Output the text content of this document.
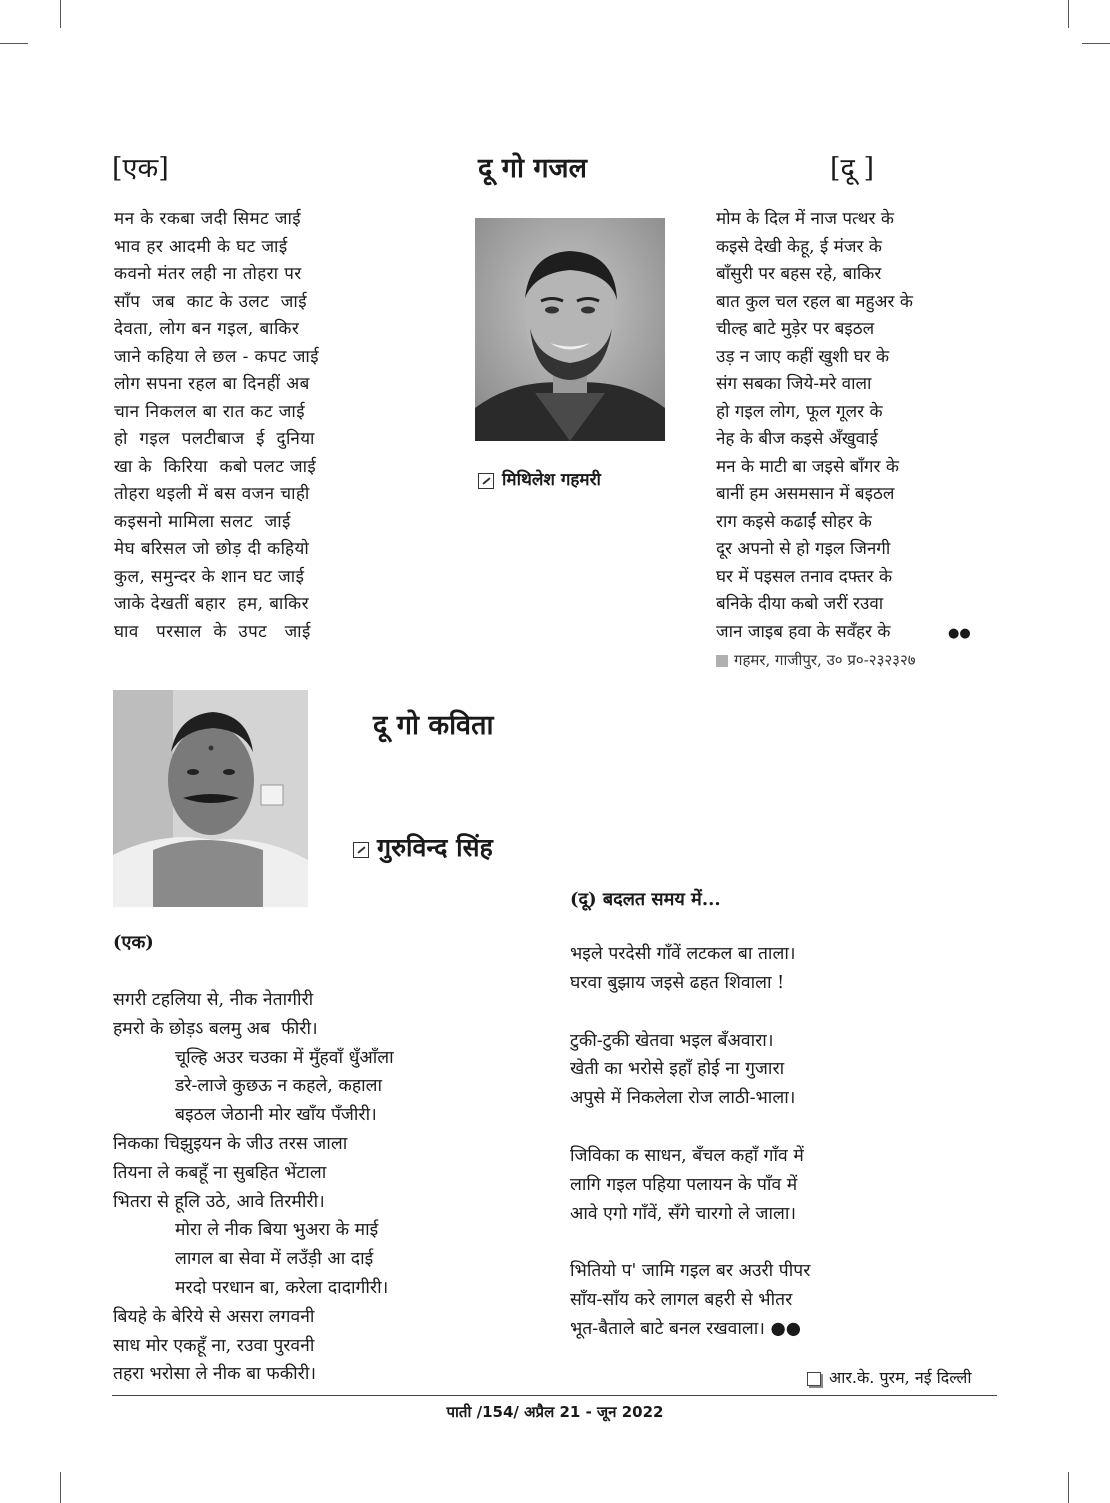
[एक]	दू गो गजल	[दू ]
मन के रकबा जदी सिमट जाई
भाव हर आदमी के घट जाई
कवनो मंतर लही ना तोहरा पर
साँप  जब  काट के उलट  जाई
देवता, लोग बन गइल, बाकिर
जाने कहिया ले छल - कपट जाई
लोग सपना रहल बा दिनहीं अब
चान निकलल बा रात कट जाई
हो  गइल  पलटीबाज  ई  दुनिया
खा के  किरिया  कबो पलट जाई
तोहरा थइली में बस वजन चाही
कइसनो मामिला सलट  जाई
मेघ बरिसल जो छोड़ दी कहियो
कुल, समुन्दर के शान घट जाई
जाके देखतीं बहार  हम, बाकिर
घाव   परसाल  के  उपट   जाई
मिथिलेश गहमरी
मोम के दिल में नाज पत्थर के
कइसे देखी केहू, ई मंजर के
बाँसुरी पर बहस रहे, बाकिर
बात कुल चल रहल बा महुअर के
चील्ह बाटे मुड़ेर पर बइठल
उड़ न जाए कहीं खुशी घर के
संग सबका जिये-मरे वाला
हो गइल लोग, फूल गूलर के
नेह के बीज कइसे अँखुवाई
मन के माटी बा जइसे बाँगर के
बानीं हम असमसान में बइठल
राग कइसे कढाईं सोहर के
दूर अपनो से हो गइल जिनगी
घर में पइसल तनाव दफ्तर के
बनिके दीया कबो जरीं रउवा
जान जाइब हवा के सवँहर के	●●
गहमर, गाजीपुर, उ० प्र०-२३२३२७
दू गो कविता
गुरुविन्द सिंह
(एक)
सगरी टहलिया से, नीक नेतागीरी
हमरो के छोड़ऽ बलमु अब  फीरी।
चूल्हि अउर चउका में मुँहवाँ धुँआँला
डरे-लाजे कुछऊ न कहले, कहाला
बइठल जेठानी मोर खाँय पँजीरी।
निकका चिझुइयन के जीउ तरस जाला
तियना ले कबहूँ ना सुबहित भेंटाला
भितरा से हूलि उठे, आवे तिरमीरी।
मोरा ले नीक बिया भुअरा के माई
लागल बा सेवा में लउँड़ी आ दाई
मरदो परधान बा, करेला दादागीरी।
बियहे के बेरिये से असरा लगवनी
साध मोर एकहूँ ना, रउवा पुरवनी
तहरा भरोसा ले नीक बा फकीरी।
(दू) बदलत समय में...
भइले परदेसी गाँवें लटकल बा ताला।
घरवा बुझाय जइसे ढहत शिवाला !
टुकी-टुकी खेतवा भइल बँअवारा।
खेती का भरोसे इहाँ होई ना गुजारा
अपुसे में निकलेला रोज लाठी-भाला।
जिविका क साधन, बँचल कहाँ गाँव में
लागि गइल पहिया पलायन के पाँव में
आवे एगो गाँवें, सँगे चारगो ले जाला।
भितियो प' जामि गइल बर अउरी पीपर
साँय-साँय करे लागल बहरी से भीतर
भूत-बैताले बाटे बनल रखवाला। ●●
आर.के. पुरम, नई दिल्ली
पाती /154/ अप्रैल 21 - जून 2022
